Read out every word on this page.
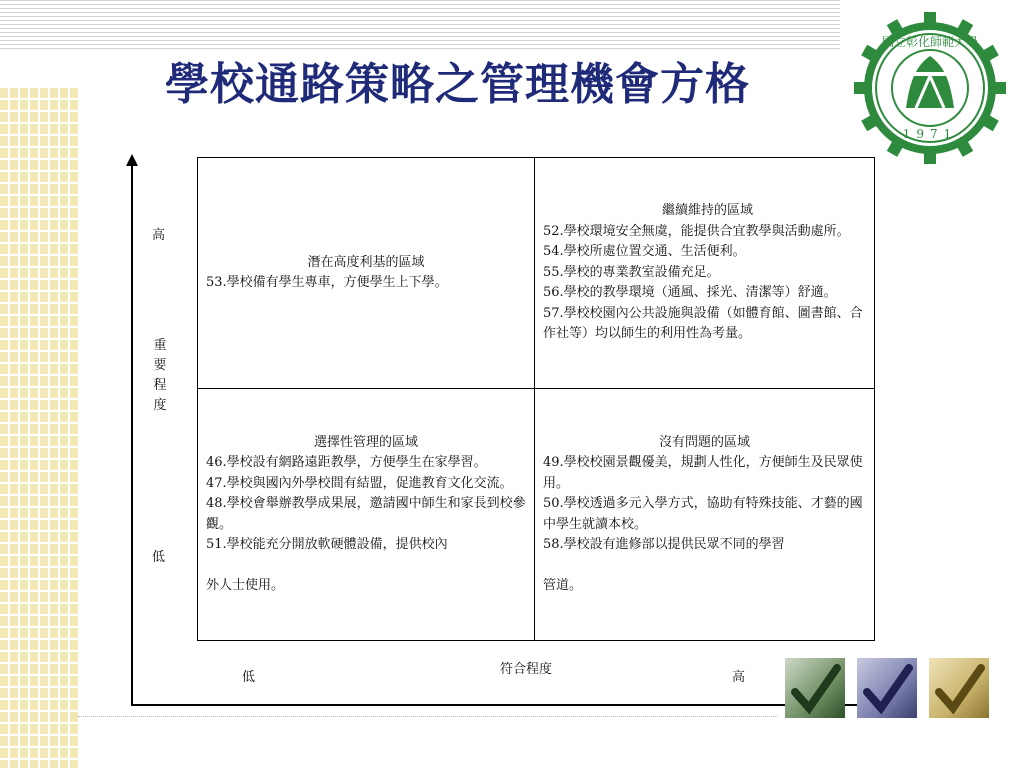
學校通路策略之管理機會方格
國立彰化師範大學
1971
高
重
要
程
度
低
低
符合程度
高
潛在高度利基的區域
53.學校備有學生專車，方便學生上下學。
繼續維持的區域
52.學校環境安全無虞，能提供合宜教學與活動處所。
54.學校所處位置交通、生活便利。
55.學校的專業教室設備充足。
56.學校的教學環境（通風、採光、清潔等）舒適。
57.學校校園內公共設施與設備（如體育館、圖書館、合作社等）均以師生的利用性為考量。
選擇性管理的區域
46.學校設有網路遠距教學，方便學生在家學習。
47.學校與國內外學校間有結盟，促進教育文化交流。
48.學校會舉辦教學成果展，邀請國中師生和家長到校參觀。
51.學校能充分開放軟硬體設備，提供校內
外人士使用。
沒有問題的區域
49.學校校園景觀優美，規劃人性化，方便師生及民眾使用。
50.學校透過多元入學方式，協助有特殊技能、才藝的國中學生就讀本校。
58.學校設有進修部以提供民眾不同的學習
管道。
